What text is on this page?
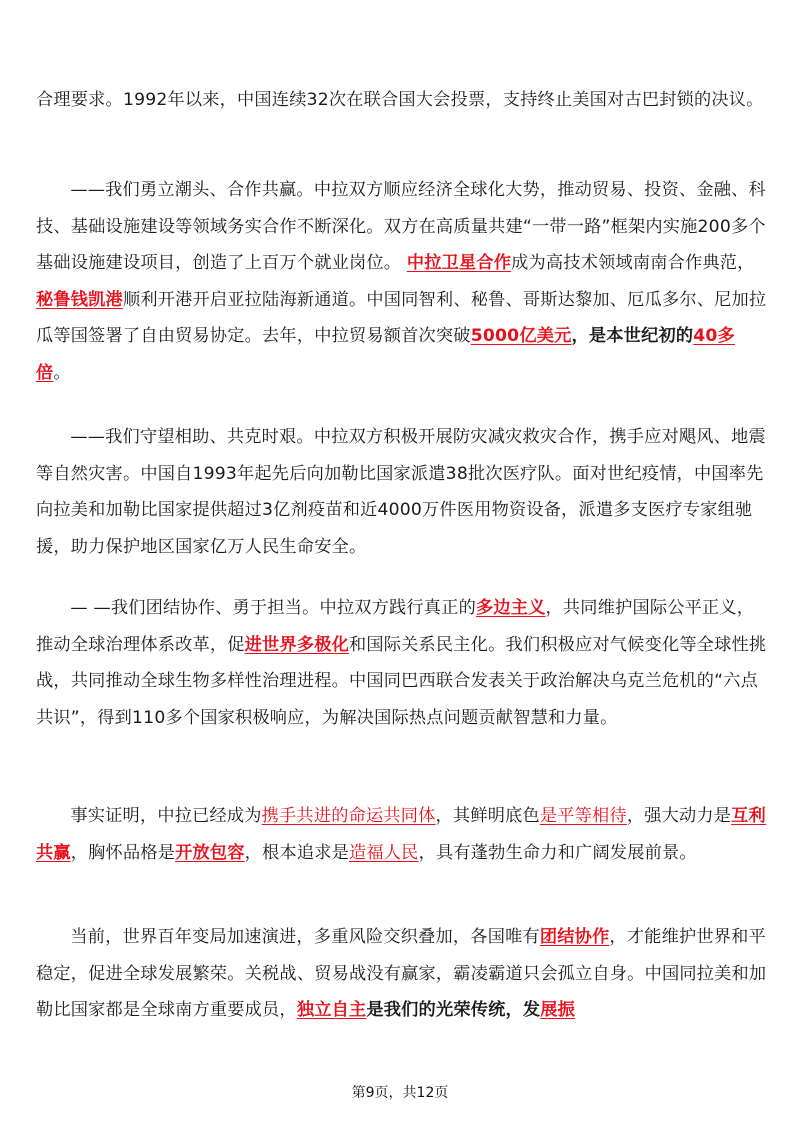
合理要求。1992年以来，中国连续32次在联合国大会投票，支持终止美国对古巴封锁的决议。

——我们勇立潮头、合作共赢。中拉双方顺应经济全球化大势，推动贸易、投资、金融、科技、基础设施建设等领域务实合作不断深化。双方在高质量共建“一带一路”框架内实施200多个基础设施建设项目，创造了上百万个就业岗位。 中拉卫星合作成为高技术领域南南合作典范，秘鲁钱凯港顺利开港开启亚拉陆海新通道。中国同智利、秘鲁、哥斯达黎加、厄瓜多尔、尼加拉瓜等国签署了自由贸易协定。去年，中拉贸易额首次突破5000亿美元，是本世纪初的40多倍。

——我们守望相助、共克时艰。中拉双方积极开展防灾减灾救灾合作，携手应对飓风、地震等自然灾害。中国自1993年起先后向加勒比国家派遣38批次医疗队。面对世纪疫情，中国率先向拉美和加勒比国家提供超过3亿剂疫苗和近4000万件医用物资设备，派遣多支医疗专家组驰援，助力保护地区国家亿万人民生命安全。

— —我们团结协作、勇于担当。中拉双方践行真正的多边主义，共同维护国际公平正义，推动全球治理体系改革，促进世界多极化和国际关系民主化。我们积极应对气候变化等全球性挑战，共同推动全球生物多样性治理进程。中国同巴西联合发表关于政治解决乌克兰危机的“六点共识”，得到110多个国家积极响应，为解决国际热点问题贡献智慧和力量。

事实证明，中拉已经成为携手共进的命运共同体，其鲜明底色是平等相待，强大动力是互利共赢，胸怀品格是开放包容，根本追求是造福人民，具有蓬勃生命力和广阔发展前景。

当前，世界百年变局加速演进，多重风险交织叠加，各国唯有团结协作，才能维护世界和平稳定，促进全球发展繁荣。关税战、贸易战没有赢家，霸凌霸道只会孤立自身。中国同拉美和加勒比国家都是全球南方重要成员，独立自主是我们的光荣传统，发展振

第9页，共12页
